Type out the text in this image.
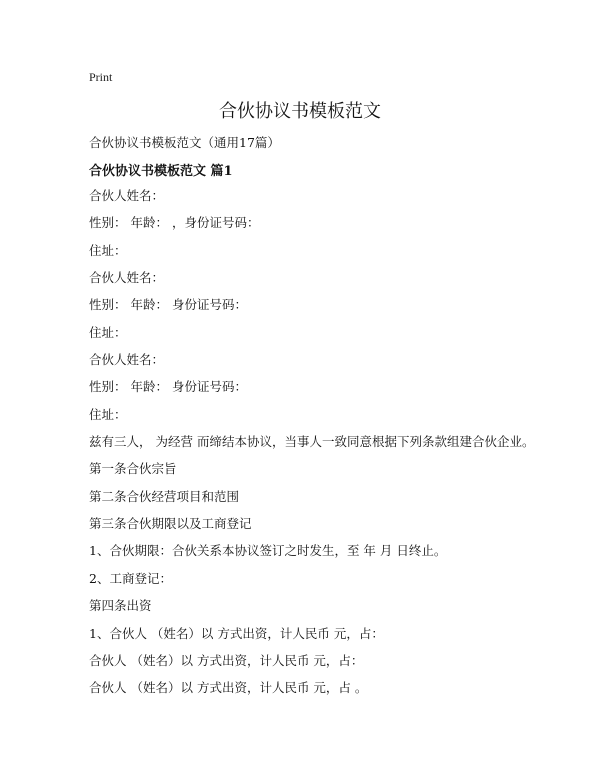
Print
合伙协议书模板范文
合伙协议书模板范文（通用17篇）
合伙协议书模板范文 篇1
合伙人姓名：
性别： 年龄： ，身份证号码：
住址：
合伙人姓名：
性别： 年龄： 身份证号码：
住址：
合伙人姓名：
性别： 年龄： 身份证号码：
住址：
兹有三人， 为经营 而缔结本协议，当事人一致同意根据下列条款组建合伙企业。
第一条合伙宗旨
第二条合伙经营项目和范围
第三条合伙期限以及工商登记
1、合伙期限：合伙关系本协议签订之时发生，至 年 月 日终止。
2、工商登记：
第四条出资
1、合伙人 （姓名）以 方式出资，计人民币 元，占：
合伙人 （姓名）以 方式出资，计人民币 元，占：
合伙人 （姓名）以 方式出资，计人民币 元，占 。
